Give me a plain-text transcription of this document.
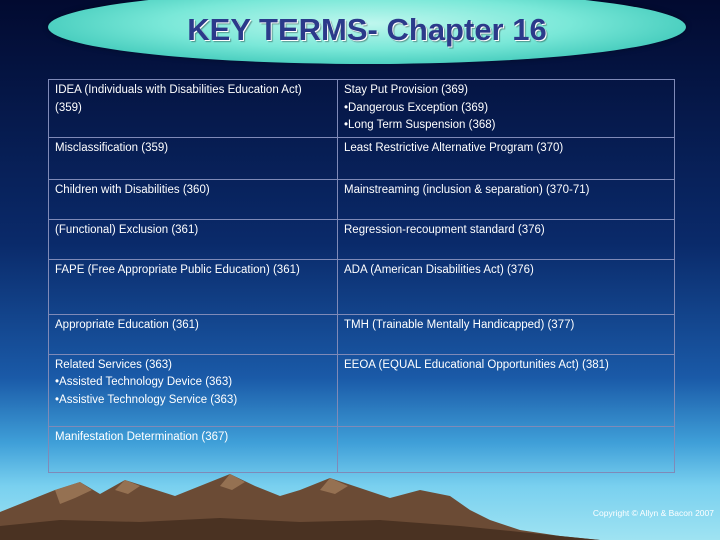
KEY TERMS- Chapter 16
IDEA (Individuals with Disabilities Education Act) (359)	Stay Put Provision (369)
•Dangerous Exception (369)
•Long Term Suspension (368)

Misclassification (359)	Least Restrictive Alternative Program (370)

Children with Disabilities (360)	Mainstreaming (inclusion & separation) (370-71)

(Functional) Exclusion (361)	Regression-recoupment standard (376)

FAPE (Free Appropriate Public Education) (361)	ADA (American Disabilities Act) (376)

Appropriate Education (361)	TMH (Trainable Mentally Handicapped) (377)

Related Services (363)
•Assisted Technology Device (363)
•Assistive Technology Service (363)	EEOA (EQUAL Educational Opportunities Act) (381)

Manifestation Determination (367)	

Copyright © Allyn & Bacon 2007
